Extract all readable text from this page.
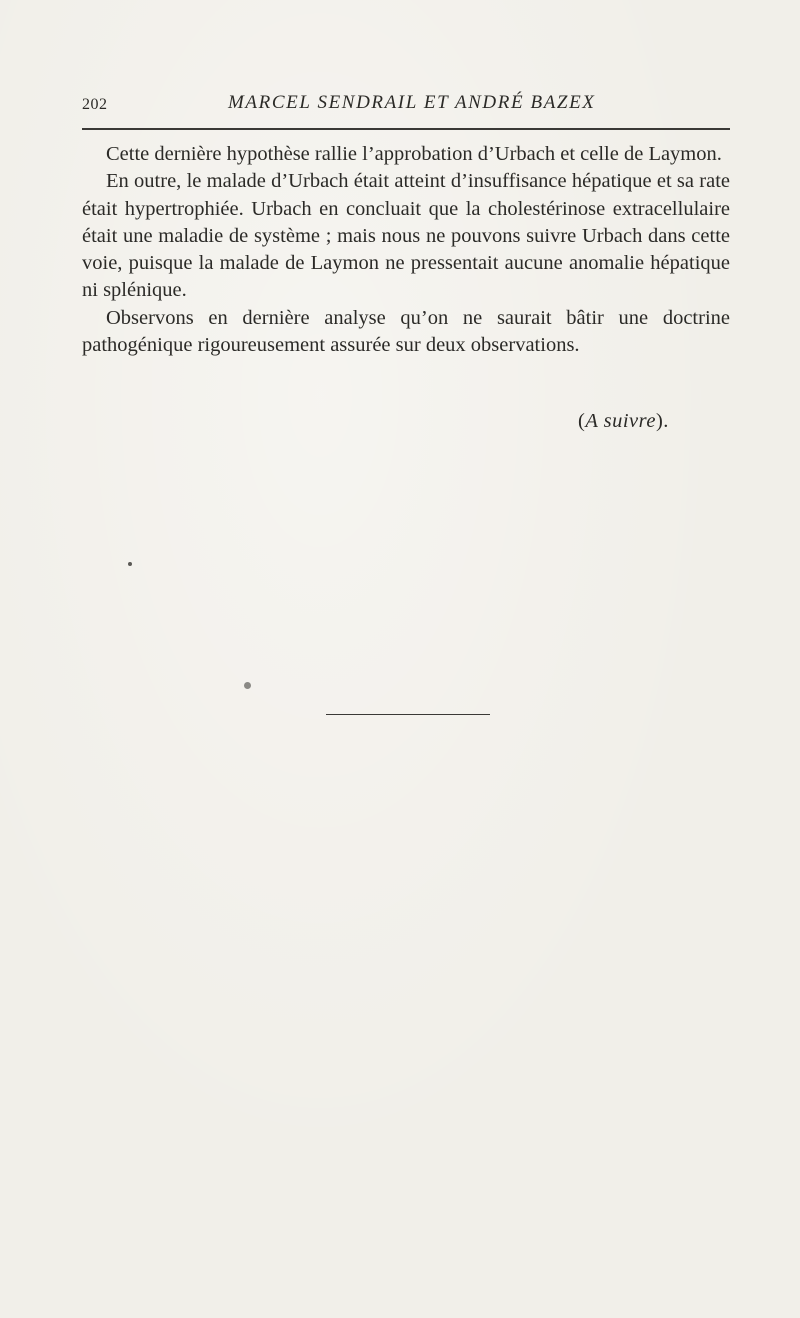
202	MARCEL SENDRAIL ET ANDRÉ BAZEX

Cette dernière hypothèse rallie l’approbation d’Urbach et celle de Laymon.

En outre, le malade d’Urbach était atteint d’insuffisance hépatique et sa rate était hypertrophiée. Urbach en concluait que la cholestérinose extracellulaire était une maladie de système ; mais nous ne pouvons suivre Urbach dans cette voie, puisque la malade de Laymon ne pressentait aucune anomalie hépatique ni splénique.

Observons en dernière analyse qu’on ne saurait bâtir une doctrine pathogénique rigoureusement assurée sur deux observations.

(A suivre).
